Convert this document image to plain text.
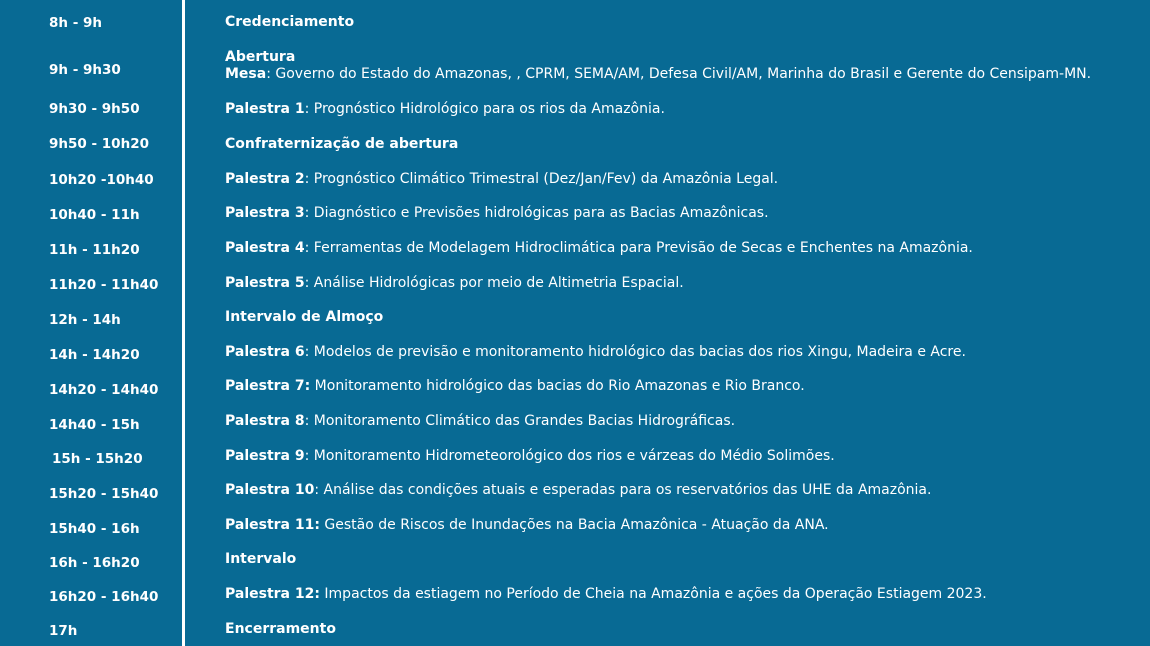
8h - 9h
9h - 9h30
9h30 - 9h50
9h50 - 10h20
10h20 -10h40
10h40 - 11h
11h - 11h20
11h20 - 11h40
12h - 14h
14h - 14h20
14h20 - 14h40
14h40 - 15h
15h - 15h20
15h20 - 15h40
15h40 - 16h
16h - 16h20
16h20 - 16h40
17h
Credenciamento
Abertura
Mesa: Governo do Estado do Amazonas, , CPRM, SEMA/AM, Defesa Civil/AM, Marinha do Brasil e Gerente do Censipam-MN.
Palestra 1: Prognóstico Hidrológico para os rios da Amazônia.
Confraternização de abertura
Palestra 2: Prognóstico Climático Trimestral (Dez/Jan/Fev) da Amazônia Legal.
Palestra 3: Diagnóstico e Previsões hidrológicas para as Bacias Amazônicas.
Palestra 4: Ferramentas de Modelagem Hidroclimática para Previsão de Secas e Enchentes na Amazônia.
Palestra 5: Análise Hidrológicas por meio de Altimetria Espacial.
Intervalo de Almoço
Palestra 6: Modelos de previsão e monitoramento hidrológico das bacias dos rios Xingu, Madeira e Acre.
Palestra 7: Monitoramento hidrológico das bacias do Rio Amazonas e Rio Branco.
Palestra 8: Monitoramento Climático das Grandes Bacias Hidrográficas.
Palestra 9: Monitoramento Hidrometeorológico dos rios e várzeas do Médio Solimões.
Palestra 10: Análise das condições atuais e esperadas para os reservatórios das UHE da Amazônia.
Palestra 11: Gestão de Riscos de Inundações na Bacia Amazônica - Atuação da ANA.
Intervalo
Palestra 12: Impactos da estiagem no Período de Cheia na Amazônia e ações da Operação Estiagem 2023.
Encerramento
